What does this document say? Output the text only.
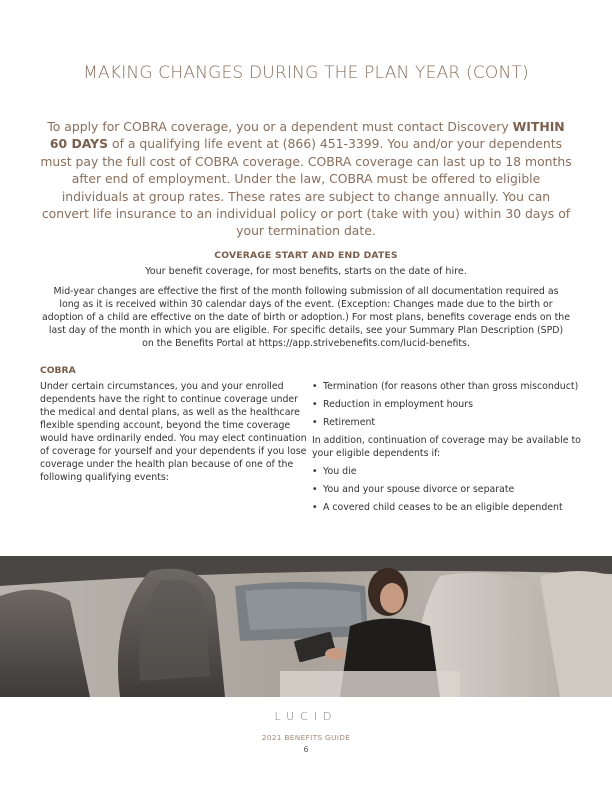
MAKING CHANGES DURING THE PLAN YEAR (CONT)
To apply for COBRA coverage, you or a dependent must contact Discovery WITHIN 60 DAYS of a qualifying life event at (866) 451-3399. You and/or your dependents must pay the full cost of COBRA coverage. COBRA coverage can last up to 18 months after end of employment. Under the law, COBRA must be offered to eligible individuals at group rates. These rates are subject to change annually. You can convert life insurance to an individual policy or port (take with you) within 30 days of your termination date.
COVERAGE START AND END DATES
Your benefit coverage, for most benefits, starts on the date of hire.
Mid-year changes are effective the first of the month following submission of all documentation required as long as it is received within 30 calendar days of the event. (Exception: Changes made due to the birth or adoption of a child are effective on the date of birth or adoption.) For most plans, benefits coverage ends on the last day of the month in which you are eligible. For specific details, see your Summary Plan Description (SPD) on the Benefits Portal at https://app.strivebenefits.com/lucid-benefits.
COBRA
Under certain circumstances, you and your enrolled dependents have the right to continue coverage under the medical and dental plans, as well as the healthcare flexible spending account, beyond the time coverage would have ordinarily ended. You may elect continuation of coverage for yourself and your dependents if you lose coverage under the health plan because of one of the following qualifying events:
• Termination (for reasons other than gross misconduct)
• Reduction in employment hours
• Retirement

In addition, continuation of coverage may be available to your eligible dependents if:

• You die
• You and your spouse divorce or separate
• A covered child ceases to be an eligible dependent
LUCID
2021 BENEFITS GUIDE
6
